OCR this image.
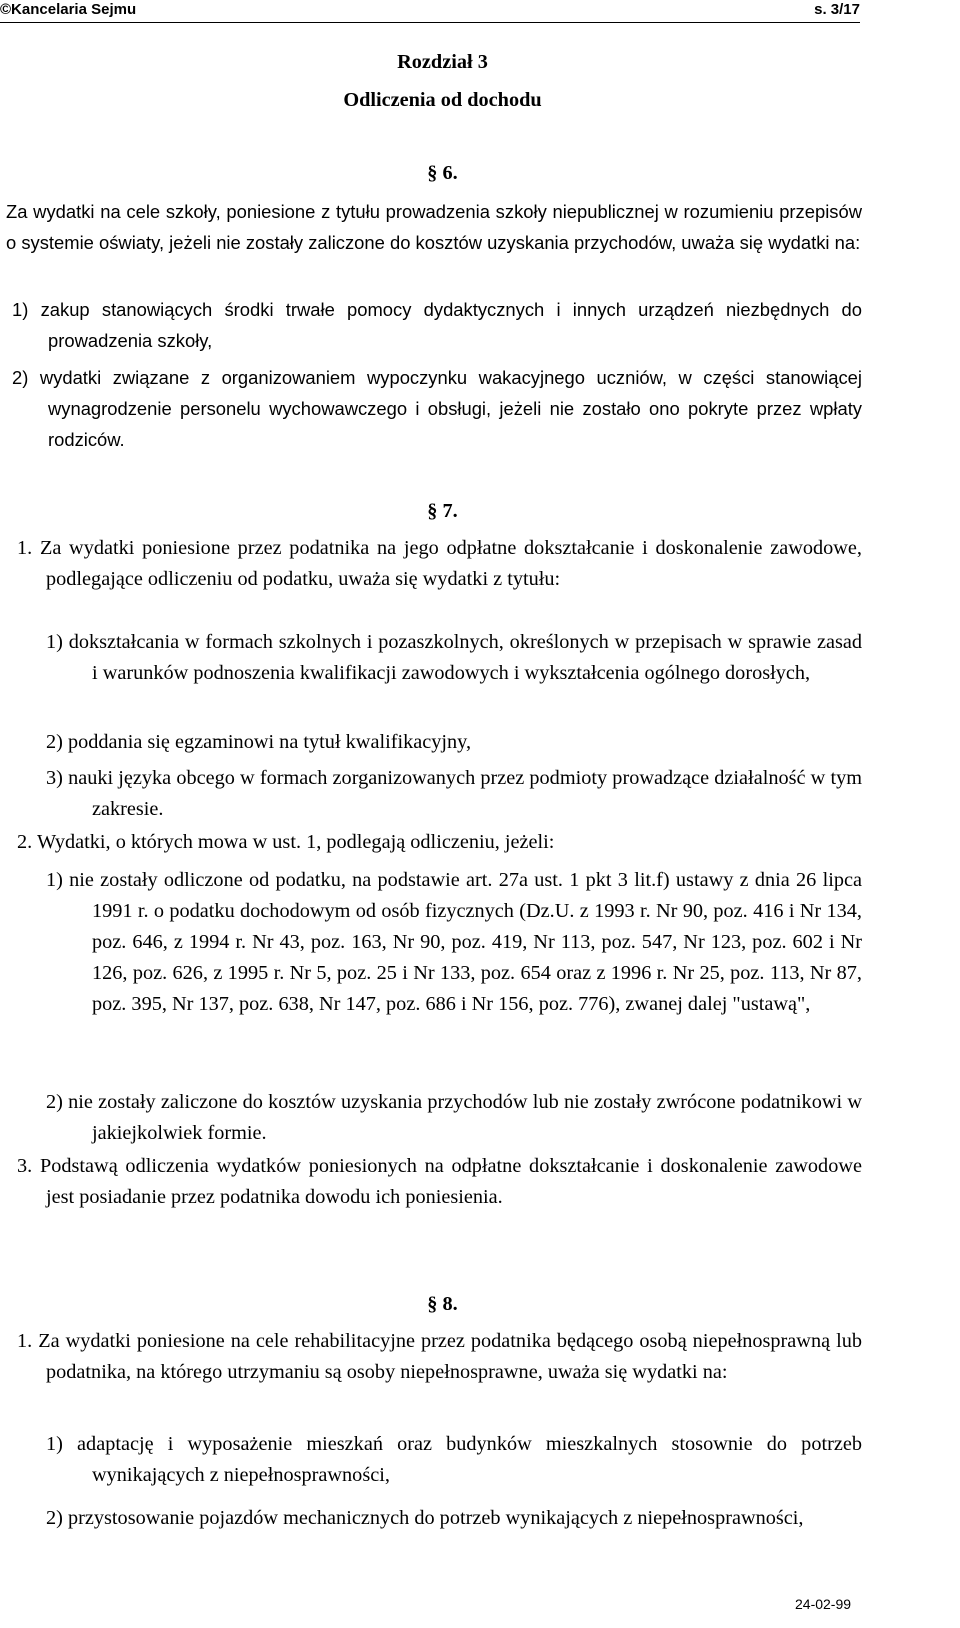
©Kancelaria Sejmu	s. 3/17
Rozdział 3
Odliczenia od dochodu
§ 6.
Za wydatki na cele szkoły, poniesione z tytułu prowadzenia szkoły niepublicznej w rozumieniu przepisów o systemie oświaty, jeżeli nie zostały zaliczone do kosztów uzyskania przychodów, uważa się wydatki na:
1) zakup stanowiących środki trwałe pomocy dydaktycznych i innych urządzeń niezbędnych do prowadzenia szkoły,
2) wydatki związane z organizowaniem wypoczynku wakacyjnego uczniów, w części stanowiącej wynagrodzenie personelu wychowawczego i obsługi, jeżeli nie zostało ono pokryte przez wpłaty rodziców.
§ 7.
1. Za wydatki poniesione przez podatnika na jego odpłatne dokształcanie i doskonalenie zawodowe, podlegające odliczeniu od podatku, uważa się wydatki z tytułu:
1) dokształcania w formach szkolnych i pozaszkolnych, określonych w przepisach w sprawie zasad i warunków podnoszenia kwalifikacji zawodowych i wykształcenia ogólnego dorosłych,
2) poddania się egzaminowi na tytuł kwalifikacyjny,
3) nauki języka obcego w formach zorganizowanych przez podmioty prowadzące działalność w tym zakresie.
2. Wydatki, o których mowa w ust. 1, podlegają odliczeniu, jeżeli:
1) nie zostały odliczone od podatku, na podstawie art. 27a ust. 1 pkt 3 lit.f) ustawy z dnia 26 lipca 1991 r. o podatku dochodowym od osób fizycznych (Dz.U. z 1993 r. Nr 90, poz. 416 i Nr 134, poz. 646, z 1994 r. Nr 43, poz. 163, Nr 90, poz. 419, Nr 113, poz. 547, Nr 123, poz. 602 i Nr 126, poz. 626, z 1995 r. Nr 5, poz. 25 i Nr 133, poz. 654 oraz z 1996 r. Nr 25, poz. 113, Nr 87, poz. 395, Nr 137, poz. 638, Nr 147, poz. 686 i Nr 156, poz. 776), zwanej dalej "ustawą",
2) nie zostały zaliczone do kosztów uzyskania przychodów lub nie zostały zwrócone podatnikowi w jakiejkolwiek formie.
3. Podstawą odliczenia wydatków poniesionych na odpłatne dokształcanie i doskonalenie zawodowe jest posiadanie przez podatnika dowodu ich poniesienia.
§ 8.
1. Za wydatki poniesione na cele rehabilitacyjne przez podatnika będącego osobą niepełnosprawną lub podatnika, na którego utrzymaniu są osoby niepełnosprawne, uważa się wydatki na:
1) adaptację i wyposażenie mieszkań oraz budynków mieszkalnych stosownie do potrzeb wynikających z niepełnosprawności,
2) przystosowanie pojazdów mechanicznych do potrzeb wynikających z niepełnosprawności,
24-02-99
